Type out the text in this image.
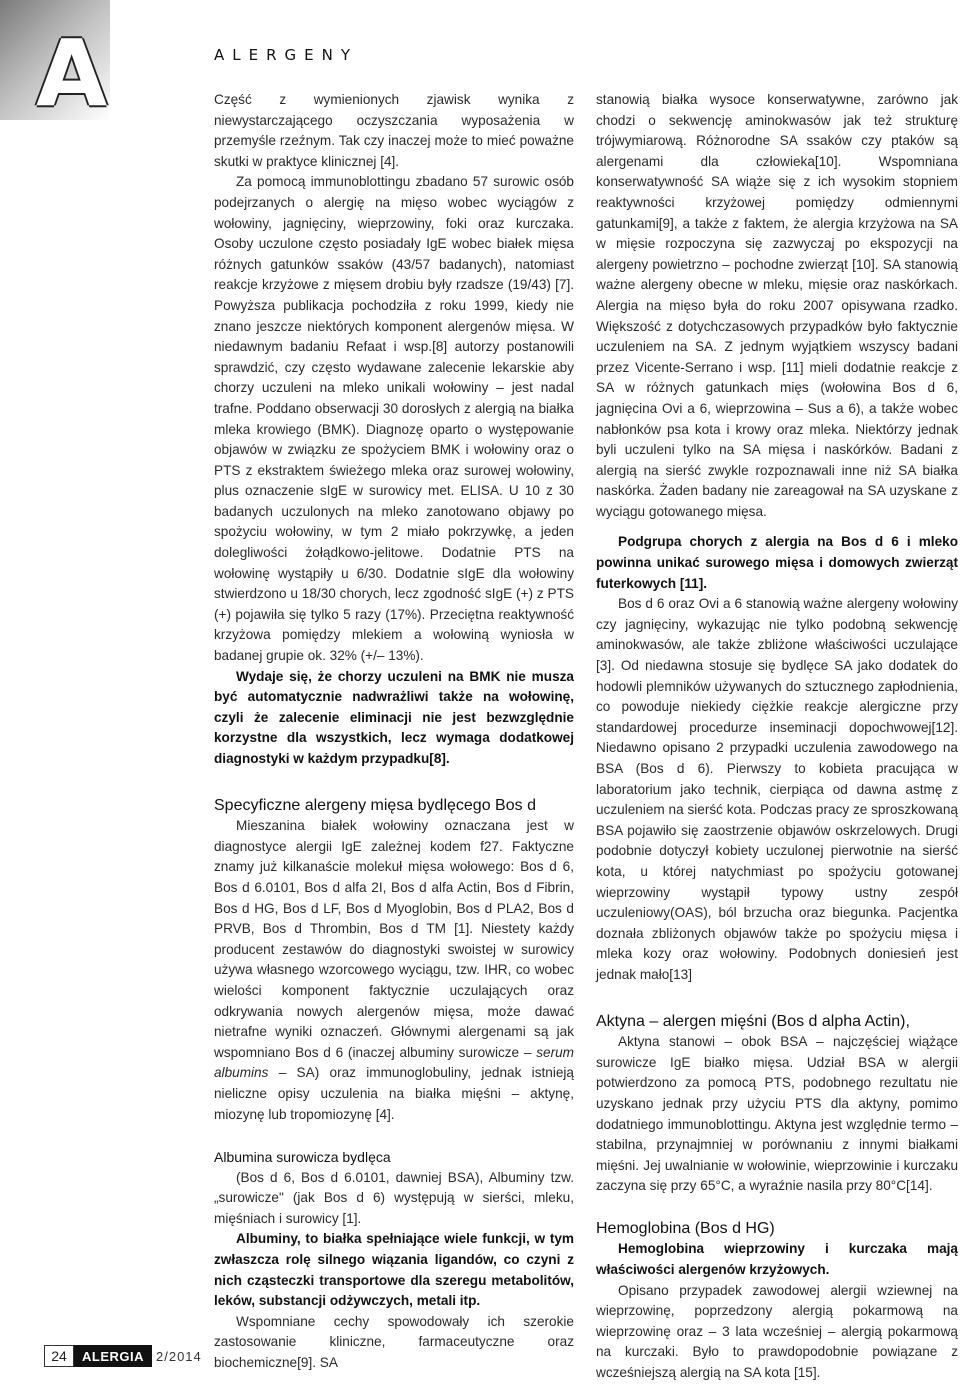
A	ALERGENY

Część z wymienionych zjawisk wynika z niewystarczającego oczyszczania wyposażenia w przemyśle rzeźnym. Tak czy inaczej może to mieć poważne skutki w praktyce klinicznej [4].

Za pomocą immunoblottingu zbadano 57 surowic osób podejrzanych o alergię na mięso wobec wyciągów z wołowiny, jagnięciny, wieprzowiny, foki oraz kurczaka. Osoby uczulone często posiadały IgE wobec białek mięsa różnych gatunków ssaków (43/57 badanych), natomiast reakcje krzyżowe z mięsem drobiu były rzadsze (19/43) [7]. Powyższa publikacja pochodziła z roku 1999, kiedy nie znano jeszcze niektórych komponent alergenów mięsa. W niedawnym badaniu Refaat i wsp.[8] autorzy postanowili sprawdzić, czy często wydawane zalecenie lekarskie aby chorzy uczuleni na mleko unikali wołowiny – jest nadal trafne. Poddano obserwacji 30 dorosłych z alergią na białka mleka krowiego (BMK). Diagnozę oparto o występowanie objawów w związku ze spożyciem BMK i wołowiny oraz o PTS z ekstraktem świeżego mleka oraz surowej wołowiny, plus oznaczenie sIgE w surowicy met. ELISA. U 10 z 30 badanych uczulonych na mleko zanotowano objawy po spożyciu wołowiny, w tym 2 miało pokrzywkę, a jeden dolegliwości żołądkowo-jelitowe. Dodatnie PTS na wołowinę wystąpiły u 6/30. Dodatnie sIgE dla wołowiny stwierdzono u 18/30 chorych, lecz zgodność sIgE (+) z PTS (+) pojawiła się tylko 5 razy (17%). Przeciętna reaktywność krzyżowa pomiędzy mlekiem a wołowiną wyniosła w badanej grupie ok. 32% (+/– 13%).

Wydaje się, że chorzy uczuleni na BMK nie musza być automatycznie nadwrażliwi także na wołowinę, czyli że zalecenie eliminacji nie jest bezwzględnie korzystne dla wszystkich, lecz wymaga dodatkowej diagnostyki w każdym przypadku[8].

Specyficzne alergeny mięsa bydlęcego Bos d

Mieszanina białek wołowiny oznaczana jest w diagnostyce alergii IgE zależnej kodem f27. Faktyczne znamy już kilkanaście molekuł mięsa wołowego: Bos d 6, Bos d 6.0101, Bos d alfa 2I, Bos d alfa Actin, Bos d Fibrin, Bos d HG, Bos d LF, Bos d Myoglobin, Bos d PLA2, Bos d PRVB, Bos d Thrombin, Bos d TM [1]. Niestety każdy producent zestawów do diagnostyki swoistej w surowicy używa własnego wzorcowego wyciągu, tzw. IHR, co wobec wielości komponent faktycznie uczulających oraz odkrywania nowych alergenów mięsa, może dawać nietrafne wyniki oznaczeń. Głównymi alergenami są jak wspomniano Bos d 6 (inaczej albuminy surowicze – serum albumins – SA) oraz immunoglobuliny, jednak istnieją nieliczne opisy uczulenia na białka mięśni – aktynę, miozynę lub tropomiozynę [4].

Albumina surowicza bydlęca

(Bos d 6, Bos d 6.0101, dawniej BSA), Albuminy tzw. „surowicze" (jak Bos d 6) występują w sierści, mleku, mięśniach i surowicy [1].

Albuminy, to białka spełniające wiele funkcji, w tym zwłaszcza rolę silnego wiązania ligandów, co czyni z nich cząsteczki transportowe dla szeregu metabolitów, leków, substancji odżywczych, metali itp.

Wspomniane cechy spowodowały ich szerokie zastosowanie kliniczne, farmaceutyczne oraz biochemiczne[9]. SA

stanowią białka wysoce konserwatywne, zarówno jak chodzi o sekwencję aminokwasów jak też strukturę trójwymiarową. Różnorodne SA ssaków czy ptaków są alergenami dla człowieka[10]. Wspomniana konserwatywność SA wiąże się z ich wysokim stopniem reaktywności krzyżowej pomiędzy odmiennymi gatunkami[9], a także z faktem, że alergia krzyżowa na SA w mięsie rozpoczyna się zazwyczaj po ekspozycji na alergeny powietrzno – pochodne zwierząt [10]. SA stanowią ważne alergeny obecne w mleku, mięsie oraz naskórkach. Alergia na mięso była do roku 2007 opisywana rzadko. Większość z dotychczasowych przypadków było faktycznie uczuleniem na SA. Z jednym wyjątkiem wszyscy badani przez Vicente-Serrano i wsp. [11] mieli dodatnie reakcje z SA w różnych gatunkach mięs (wołowina Bos d 6, jagnięcina Ovi a 6, wieprzowina – Sus a 6), a także wobec nabłonków psa kota i krowy oraz mleka. Niektórzy jednak byli uczuleni tylko na SA mięsa i naskórków. Badani z alergią na sierść zwykle rozpoznawali inne niż SA białka naskórka. Żaden badany nie zareagował na SA uzyskane z wyciągu gotowanego mięsa.

Podgrupa chorych z alergia na Bos d 6 i mleko powinna unikać surowego mięsa i domowych zwierząt futerkowych [11].

Bos d 6 oraz Ovi a 6 stanowią ważne alergeny wołowiny czy jagnięciny, wykazując nie tylko podobną sekwencję aminokwasów, ale także zbliżone właściwości uczulające [3]. Od niedawna stosuje się bydlęce SA jako dodatek do hodowli plemników używanych do sztucznego zapłodnienia, co powoduje niekiedy ciężkie reakcje alergiczne przy standardowej procedurze inseminacji dopochwowej[12]. Niedawno opisano 2 przypadki uczulenia zawodowego na BSA (Bos d 6). Pierwszy to kobieta pracująca w laboratorium jako technik, cierpiąca od dawna astmę z uczuleniem na sierść kota. Podczas pracy ze sproszkowaną BSA pojawiło się zaostrzenie objawów oskrzelowych. Drugi podobnie dotyczył kobiety uczulonej pierwotnie na sierść kota, u której natychmiast po spożyciu gotowanej wieprzowiny wystąpił typowy ustny zespół uczuleniowy(OAS), ból brzucha oraz biegunka. Pacjentka doznała zbliżonych objawów także po spożyciu mięsa i mleka kozy oraz wołowiny. Podobnych doniesień jest jednak mało[13]

Aktyna – alergen mięśni (Bos d alpha Actin),

Aktyna stanowi – obok BSA – najczęściej wiążące surowicze IgE białko mięsa. Udział BSA w alergii potwierdzono za pomocą PTS, podobnego rezultatu nie uzyskano jednak przy użyciu PTS dla aktyny, pomimo dodatniego immunoblottingu. Aktyna jest względnie termo – stabilna, przynajmniej w porównaniu z innymi białkami mięśni. Jej uwalnianie w wołowinie, wieprzowinie i kurczaku zaczyna się przy 65°C, a wyraźnie nasila przy 80°C[14].

Hemoglobina (Bos d HG)

Hemoglobina wieprzowiny i kurczaka mają właściwości alergenów krzyżowych.

Opisano przypadek zawodowej alergii wziewnej na wieprzowinę, poprzedzony alergią pokarmową na wieprzowinę oraz – 3 lata wcześniej – alergią pokarmową na kurczaki. Było to prawdopodobnie powiązane z wcześniejszą alergią na SA kota [15].

24	ALERGIA 2/2014
